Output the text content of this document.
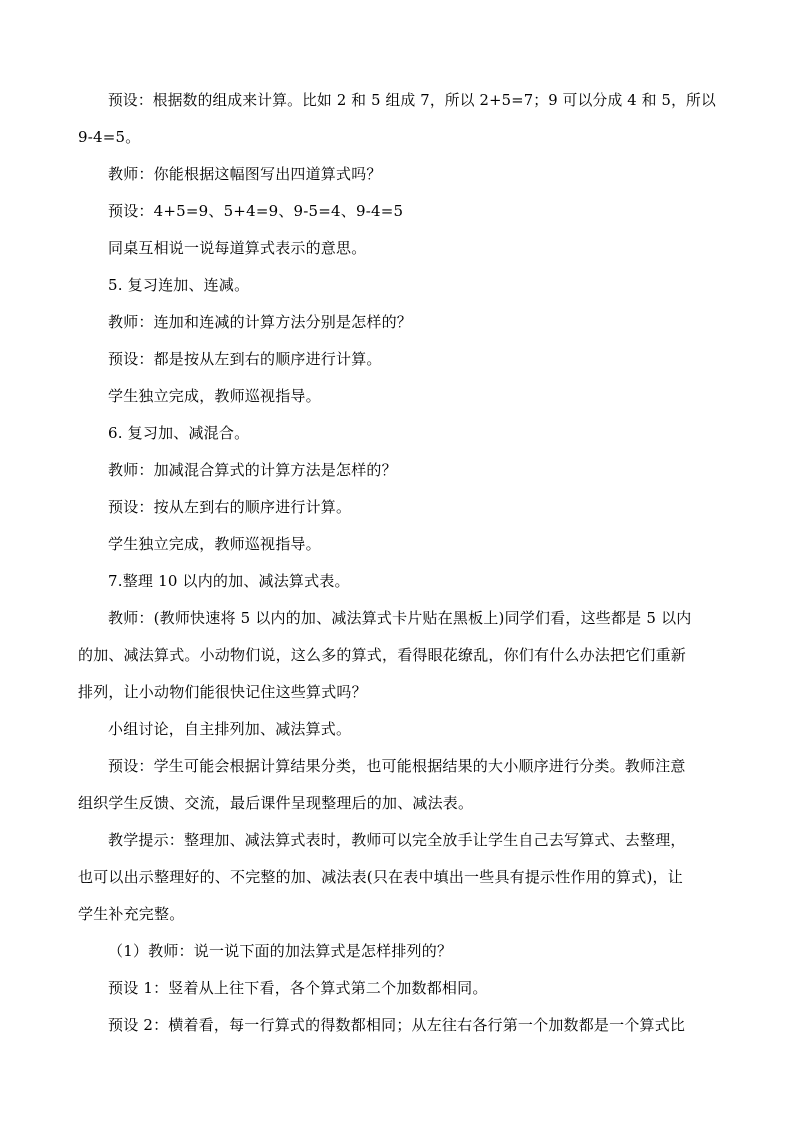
预设：根据数的组成来计算。比如 2 和 5 组成 7，所以 2+5=7；9 可以分成 4 和 5，所以
9-4=5。
教师：你能根据这幅图写出四道算式吗？
预设：4+5=9、5+4=9、9-5=4、9-4=5
同桌互相说一说每道算式表示的意思。
5. 复习连加、连减。
教师：连加和连减的计算方法分别是怎样的？
预设：都是按从左到右的顺序进行计算。
学生独立完成，教师巡视指导。
6. 复习加、减混合。
教师：加减混合算式的计算方法是怎样的？
预设：按从左到右的顺序进行计算。
学生独立完成，教师巡视指导。
7.整理 10 以内的加、减法算式表。
教师：(教师快速将 5 以内的加、减法算式卡片贴在黑板上)同学们看，这些都是 5 以内
的加、减法算式。小动物们说，这么多的算式，看得眼花缭乱，你们有什么办法把它们重新
排列，让小动物们能很快记住这些算式吗？
小组讨论，自主排列加、减法算式。
预设：学生可能会根据计算结果分类，也可能根据结果的大小顺序进行分类。教师注意
组织学生反馈、交流，最后课件呈现整理后的加、减法表。
教学提示：整理加、减法算式表时，教师可以完全放手让学生自己去写算式、去整理，
也可以出示整理好的、不完整的加、减法表(只在表中填出一些具有提示性作用的算式)，让
学生补充完整。
（1）教师：说一说下面的加法算式是怎样排列的？
预设 1：竖着从上往下看，各个算式第二个加数都相同。
预设 2：横着看，每一行算式的得数都相同；从左往右各行第一个加数都是一个算式比
